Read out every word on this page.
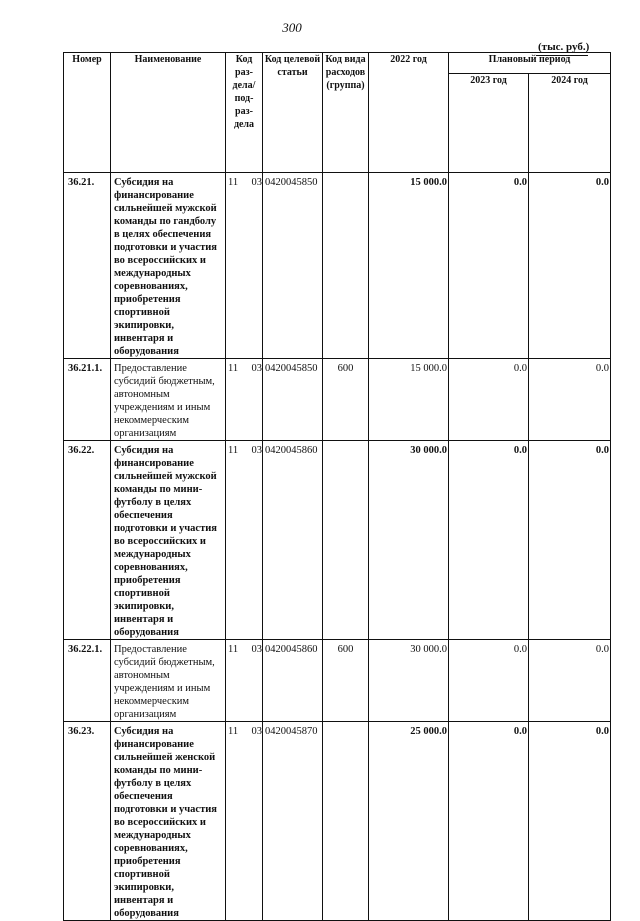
300
(тыс. руб.)
Номер	Наименование	Код раз-дела/ под-раз-дела	Код целевой статьи	Код вида расходов (группа)	2022 год	Плановый период	
						2023 год	2024 год
36.21.	Субсидия на финансирование сильнейшей мужской команды по гандболу в целях обеспечения подготовки и участия во всероссийских и международных соревнованиях, приобретения спортивной экипировки, инвентаря и оборудования	11 03	0420045850		15 000.0	0.0	0.0
36.21.1.	Предоставление субсидий бюджетным, автономным учреждениям и иным некоммерческим организациям	11 03	0420045850	600	15 000.0	0.0	0.0
36.22.	Субсидия на финансирование сильнейшей мужской команды по мини-футболу в целях обеспечения подготовки и участия во всероссийских и международных соревнованиях, приобретения спортивной экипировки, инвентаря и оборудования	11 03	0420045860		30 000.0	0.0	0.0
36.22.1.	Предоставление субсидий бюджетным, автономным учреждениям и иным некоммерческим организациям	11 03	0420045860	600	30 000.0	0.0	0.0
36.23.	Субсидия на финансирование сильнейшей женской команды по мини-футболу в целях обеспечения подготовки и участия во всероссийских и международных соревнованиях, приобретения спортивной экипировки, инвентаря и оборудования	11 03	0420045870		25 000.0	0.0	0.0
